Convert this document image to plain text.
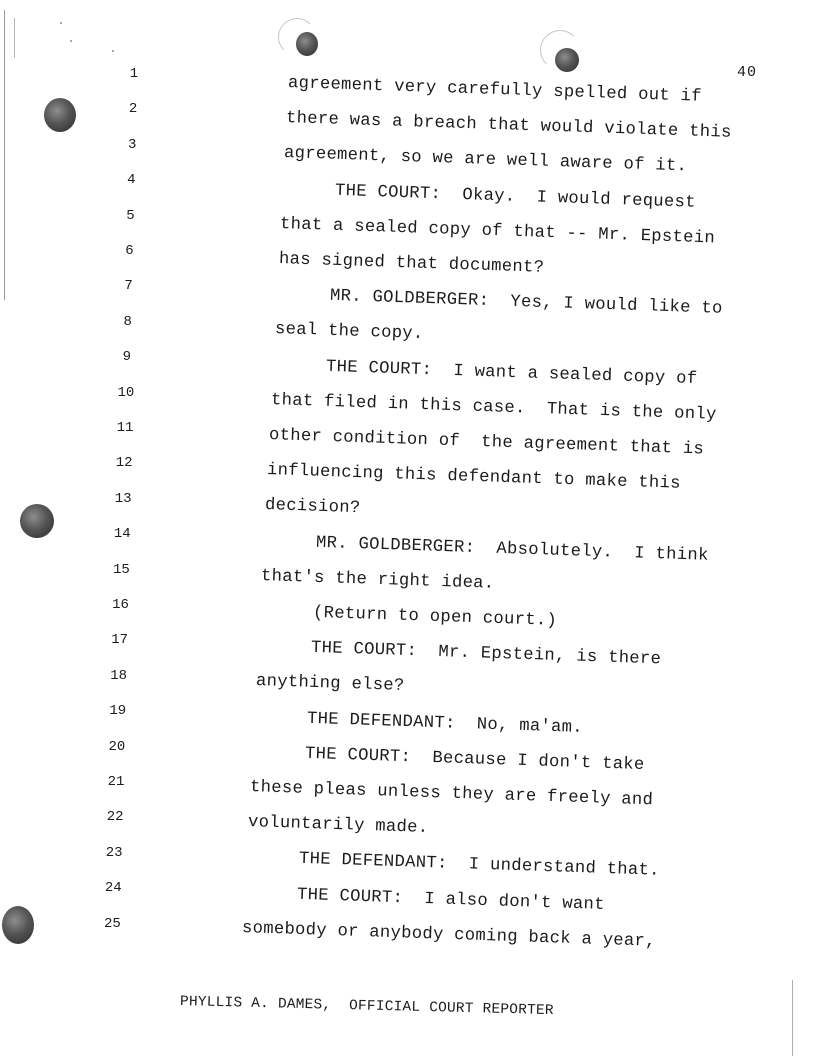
40
1
2
3
4
5
6
7
8
9
10
11
12
13
14
15
16
17
18
19
20
21
22
23
24
25
agreement very carefully spelled out if
there was a breach that would violate this
agreement, so we are well aware of it.
THE COURT:  Okay.  I would request
that a sealed copy of that -- Mr. Epstein
has signed that document?
MR. GOLDBERGER:  Yes, I would like to
seal the copy.
THE COURT:  I want a sealed copy of
that filed in this case.  That is the only
other condition of  the agreement that is
influencing this defendant to make this
decision?
MR. GOLDBERGER:  Absolutely.  I think
that's the right idea.
(Return to open court.)
THE COURT:  Mr. Epstein, is there
anything else?
THE DEFENDANT:  No, ma'am.
THE COURT:  Because I don't take
these pleas unless they are freely and
voluntarily made.
THE DEFENDANT:  I understand that.
THE COURT:  I also don't want
somebody or anybody coming back a year,
PHYLLIS A. DAMES,  OFFICIAL COURT REPORTER
